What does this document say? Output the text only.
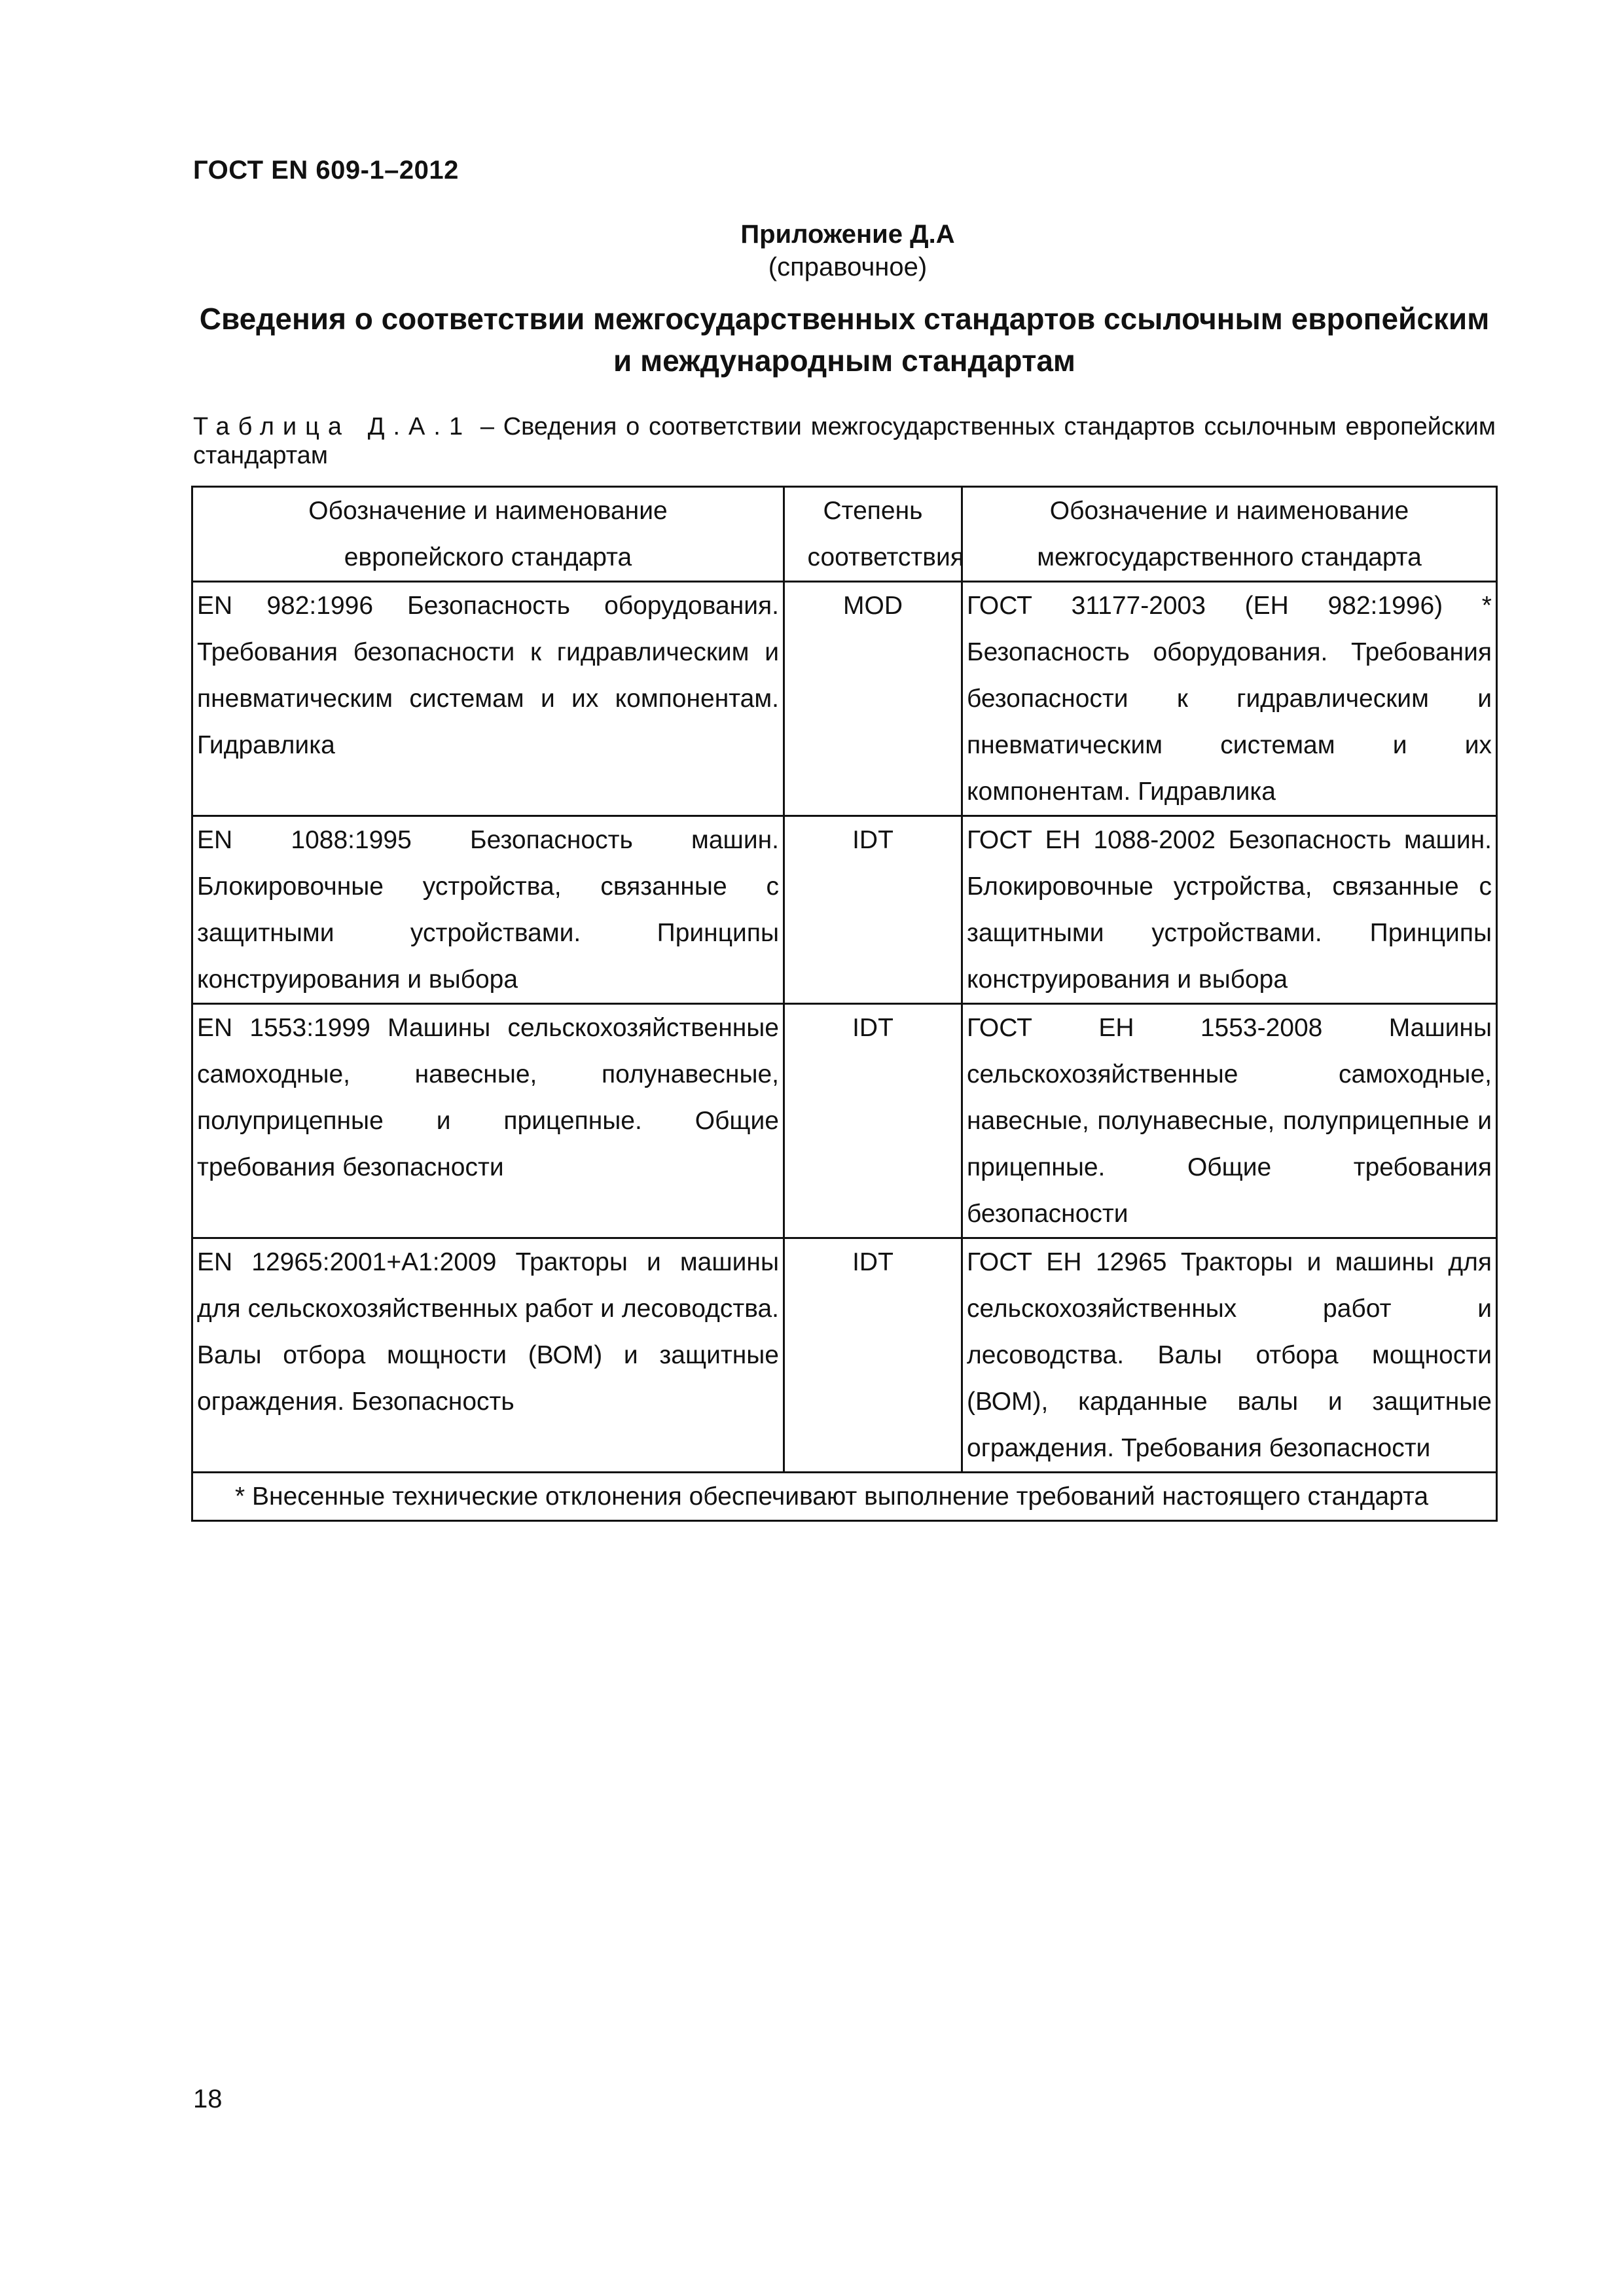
ГОСТ EN 609-1–2012
Приложение Д.А
(справочное)
Сведения о соответствии межгосударственных стандартов ссылочным европейским и международным стандартам
Таблица Д.А.1 – Сведения о соответствии межгосударственных стандартов ссылочным европейским стандартам
Обозначение и наименование европейского стандарта	Степень соответствия	Обозначение и наименование межгосударственного стандарта

EN 982:1996 Безопасность оборудования. Требования безопасности к гидравлическим и пневматическим системам и их компонентам. Гидравлика	MOD	ГОСТ 31177-2003 (ЕН 982:1996) * Безопасность оборудования. Требования безопасности к гидравлическим и пневматическим системам и их компонентам. Гидравлика
EN 1088:1995 Безопасность машин. Блокировочные устройства, связанные с защитными устройствами. Принципы конструирования и выбора	IDT	ГОСТ ЕН 1088-2002 Безопасность машин. Блокировочные устройства, связанные с защитными устройствами. Принципы конструирования и выбора
EN 1553:1999 Машины сельскохозяйственные самоходные, навесные, полунавесные, полуприцепные и прицепные. Общие требования безопасности	IDT	ГОСТ ЕН 1553-2008 Машины сельскохозяйственные самоходные, навесные, полунавесные, полуприцепные и прицепные. Общие требования безопасности
EN 12965:2001+A1:2009 Тракторы и машины для сельскохозяйственных работ и лесоводства. Валы отбора мощности (ВОМ) и защитные ограждения. Безопасность	IDT	ГОСТ ЕН 12965 Тракторы и машины для сельскохозяйственных работ и лесоводства. Валы отбора мощности (ВОМ), карданные валы и защитные ограждения. Требования безопасности
* Внесенные технические отклонения обеспечивают выполнение требований настоящего стандарта		
18
